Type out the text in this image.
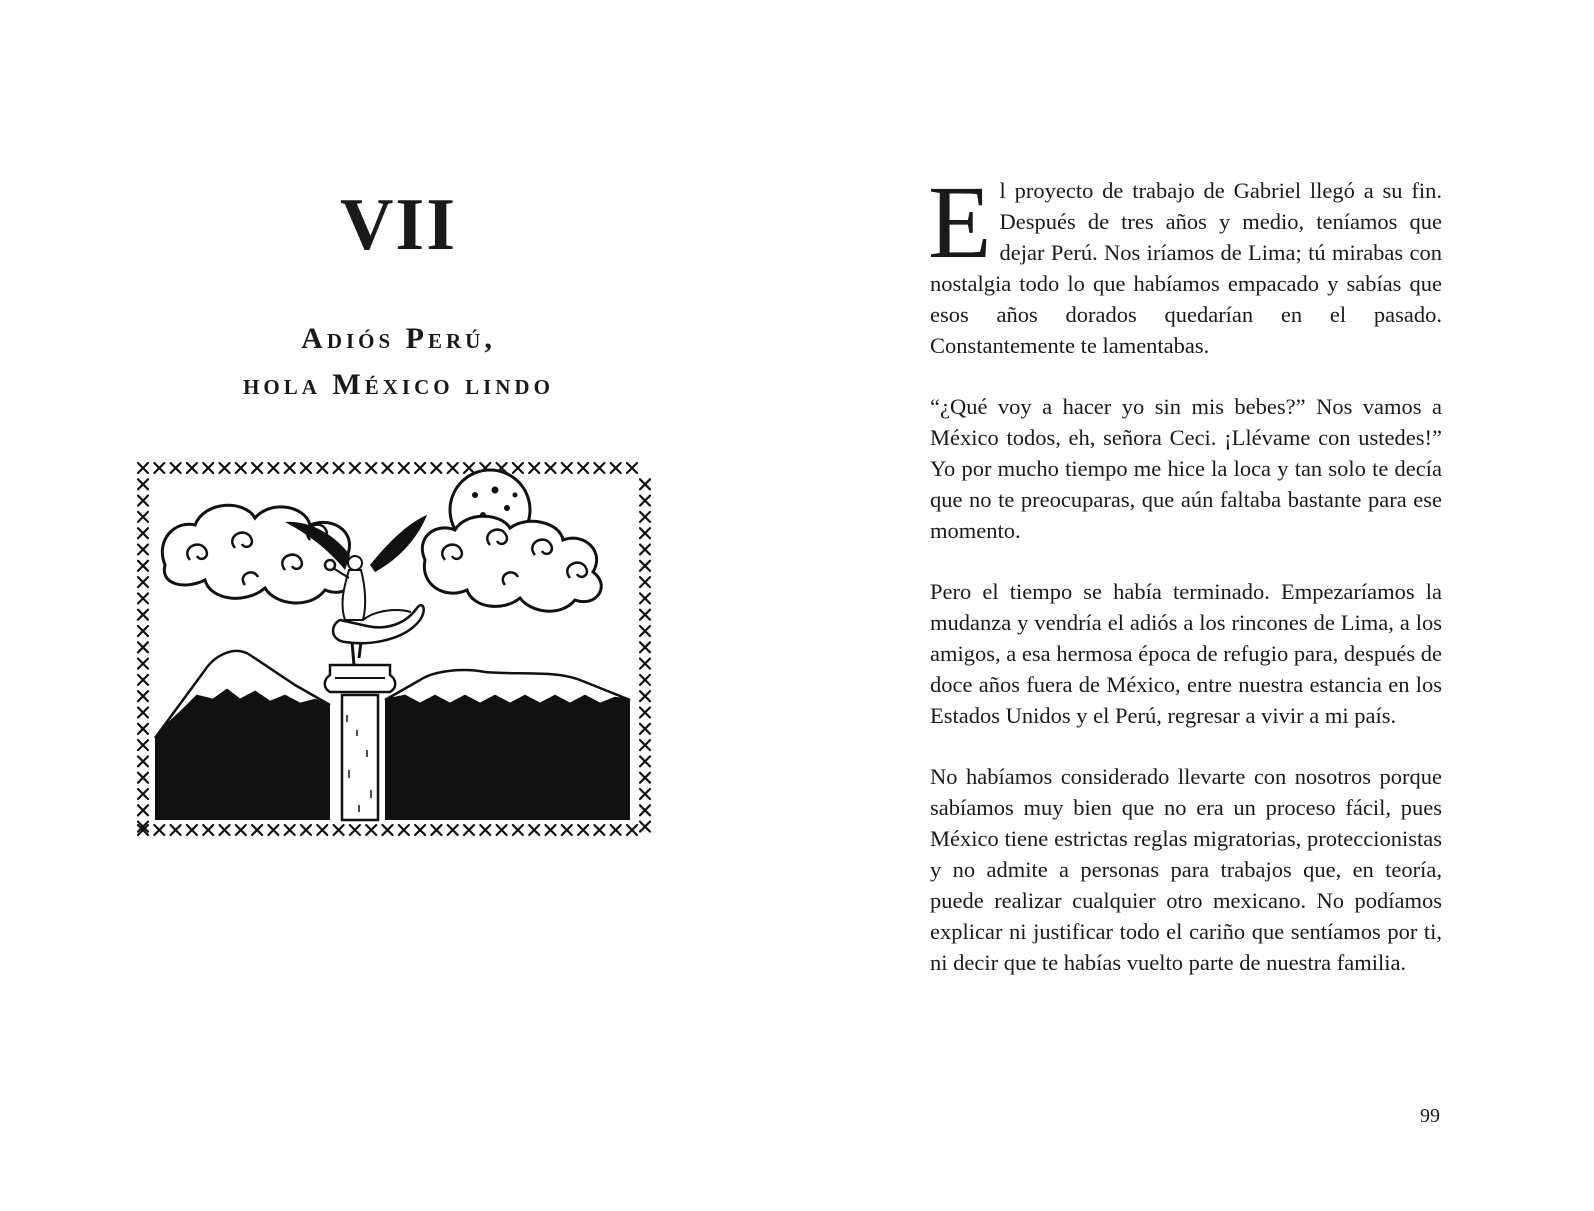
VII
Adiós Perú,
hola México lindo

El proyecto de trabajo de Gabriel llegó a su fin. Después de tres años y medio, teníamos que dejar Perú. Nos iríamos de Lima; tú mirabas con nostalgia todo lo que habíamos empacado y sabías que esos años dorados quedarían en el pasado. Constantemente te lamentabas.

“¿Qué voy a hacer yo sin mis bebes?” Nos vamos a México todos, eh, señora Ceci. ¡Llévame con ustedes!” Yo por mucho tiempo me hice la loca y tan solo te decía que no te preocuparas, que aún faltaba bastante para ese momento.

Pero el tiempo se había terminado. Empezaríamos la mudanza y vendría el adiós a los rincones de Lima, a los amigos, a esa hermosa época de refugio para, después de doce años fuera de México, entre nuestra estancia en los Estados Unidos y el Perú, regresar a vivir a mi país.

No habíamos considerado llevarte con nosotros porque sabíamos muy bien que no era un proceso fácil, pues México tiene estrictas reglas migratorias, proteccionistas y no admite a personas para trabajos que, en teoría, puede realizar cualquier otro mexicano. No podíamos explicar ni justificar todo el cariño que sentíamos por ti, ni decir que te habías vuelto parte de nuestra familia.

99
